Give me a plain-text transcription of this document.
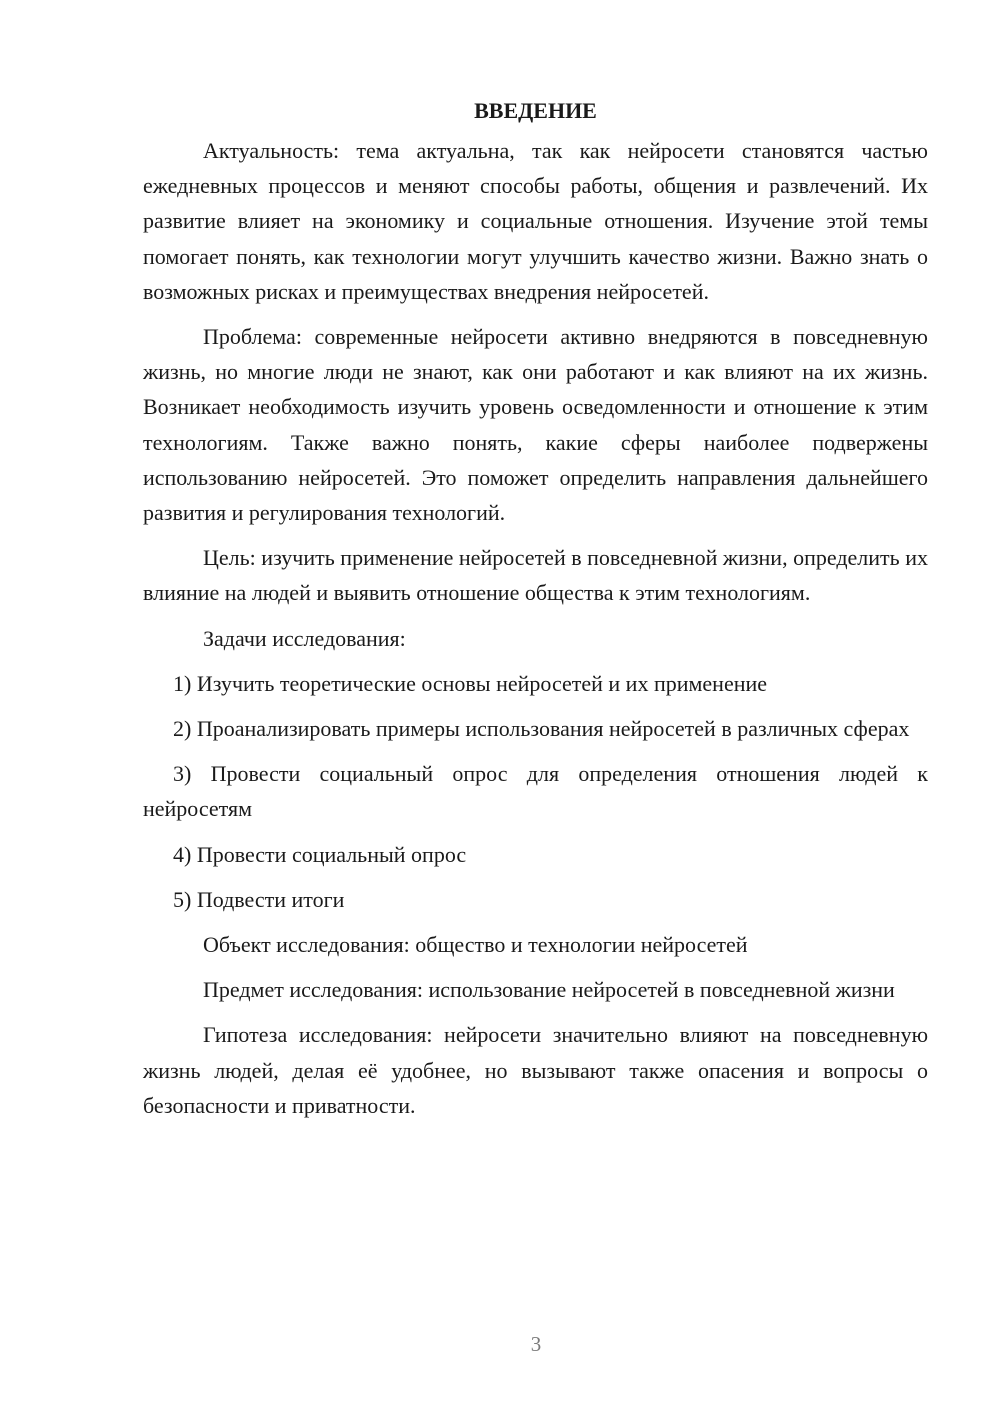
ВВЕДЕНИЕ

Актуальность: тема актуальна, так как нейросети становятся частью ежедневных процессов и меняют способы работы, общения и развлечений. Их развитие влияет на экономику и социальные отношения. Изучение этой темы помогает понять, как технологии могут улучшить качество жизни. Важно знать о возможных рисках и преимуществах внедрения нейросетей.

Проблема: современные нейросети активно внедряются в повседневную жизнь, но многие люди не знают, как они работают и как влияют на их жизнь. Возникает необходимость изучить уровень осведомленности и отношение к этим технологиям. Также важно понять, какие сферы наиболее подвержены использованию нейросетей. Это поможет определить направления дальнейшего развития и регулирования технологий.

Цель: изучить применение нейросетей в повседневной жизни, определить их влияние на людей и выявить отношение общества к этим технологиям.

Задачи исследования:

1) Изучить теоретические основы нейросетей и их применение

2) Проанализировать примеры использования нейросетей в различных сферах

3) Провести социальный опрос для определения отношения людей к нейросетям

4) Провести социальный опрос

5) Подвести итоги

Объект исследования: общество и технологии нейросетей

Предмет исследования: использование нейросетей в повседневной жизни

Гипотеза исследования: нейросети значительно влияют на повседневную жизнь людей, делая её удобнее, но вызывают также опасения и вопросы о безопасности и приватности.

3
